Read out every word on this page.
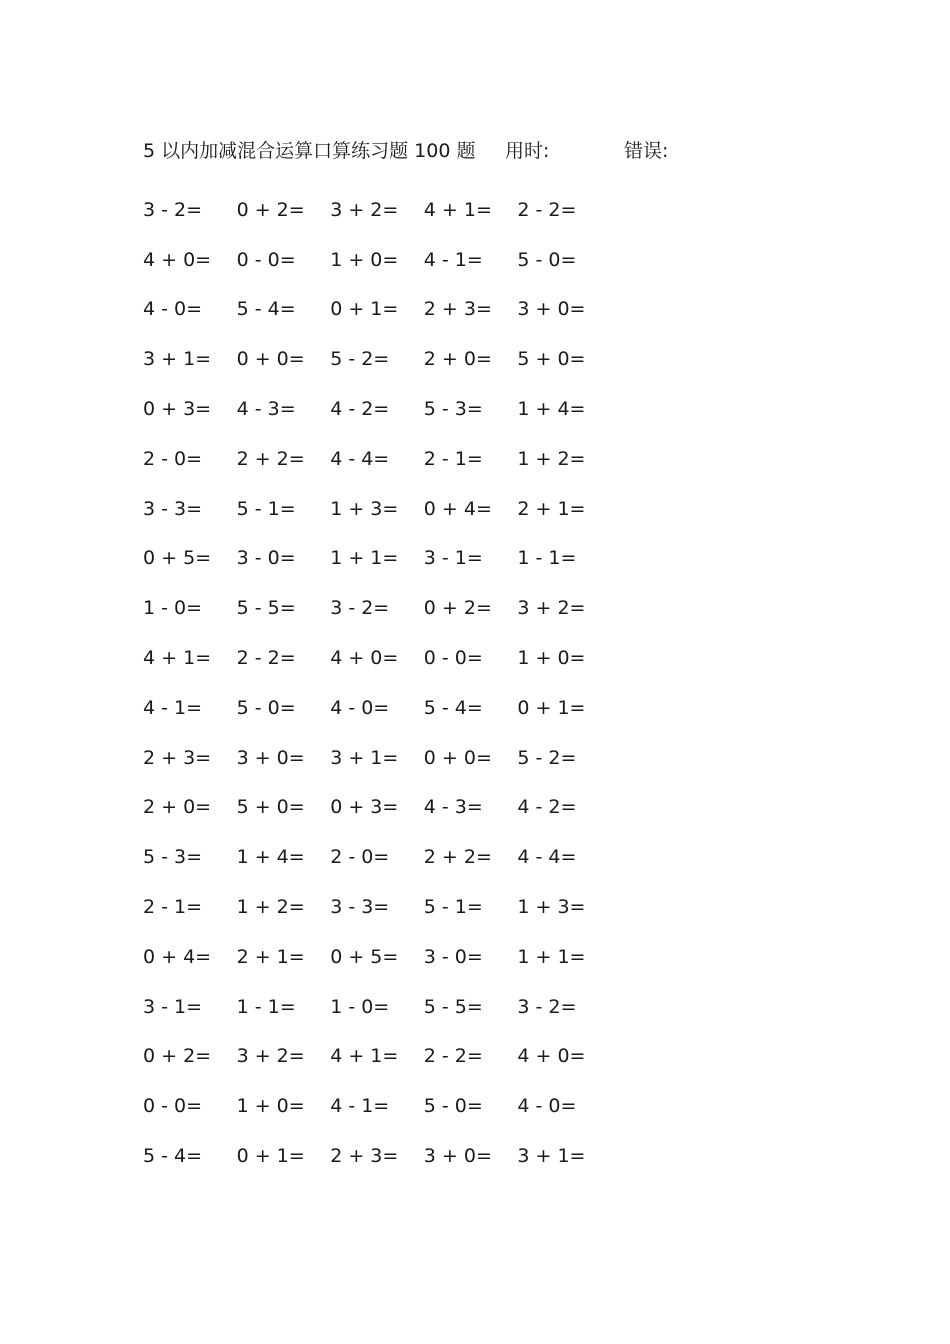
5 以内加减混合运算口算练习题 100 题 用时:	错误:
3 - 2=	0 + 2=	3 + 2=	4 + 1=	2 - 2=
4 + 0=	0 - 0=	1 + 0=	4 - 1=	5 - 0=
4 - 0=	5 - 4=	0 + 1=	2 + 3=	3 + 0=
3 + 1=	0 + 0=	5 - 2=	2 + 0=	5 + 0=
0 + 3=	4 - 3=	4 - 2=	5 - 3=	1 + 4=
2 - 0=	2 + 2=	4 - 4=	2 - 1=	1 + 2=
3 - 3=	5 - 1=	1 + 3=	0 + 4=	2 + 1=
0 + 5=	3 - 0=	1 + 1=	3 - 1=	1 - 1=
1 - 0=	5 - 5=	3 - 2=	0 + 2=	3 + 2=
4 + 1=	2 - 2=	4 + 0=	0 - 0=	1 + 0=
4 - 1=	5 - 0=	4 - 0=	5 - 4=	0 + 1=
2 + 3=	3 + 0=	3 + 1=	0 + 0=	5 - 2=
2 + 0=	5 + 0=	0 + 3=	4 - 3=	4 - 2=
5 - 3=	1 + 4=	2 - 0=	2 + 2=	4 - 4=
2 - 1=	1 + 2=	3 - 3=	5 - 1=	1 + 3=
0 + 4=	2 + 1=	0 + 5=	3 - 0=	1 + 1=
3 - 1=	1 - 1=	1 - 0=	5 - 5=	3 - 2=
0 + 2=	3 + 2=	4 + 1=	2 - 2=	4 + 0=
0 - 0=	1 + 0=	4 - 1=	5 - 0=	4 - 0=
5 - 4=	0 + 1=	2 + 3=	3 + 0=	3 + 1=
